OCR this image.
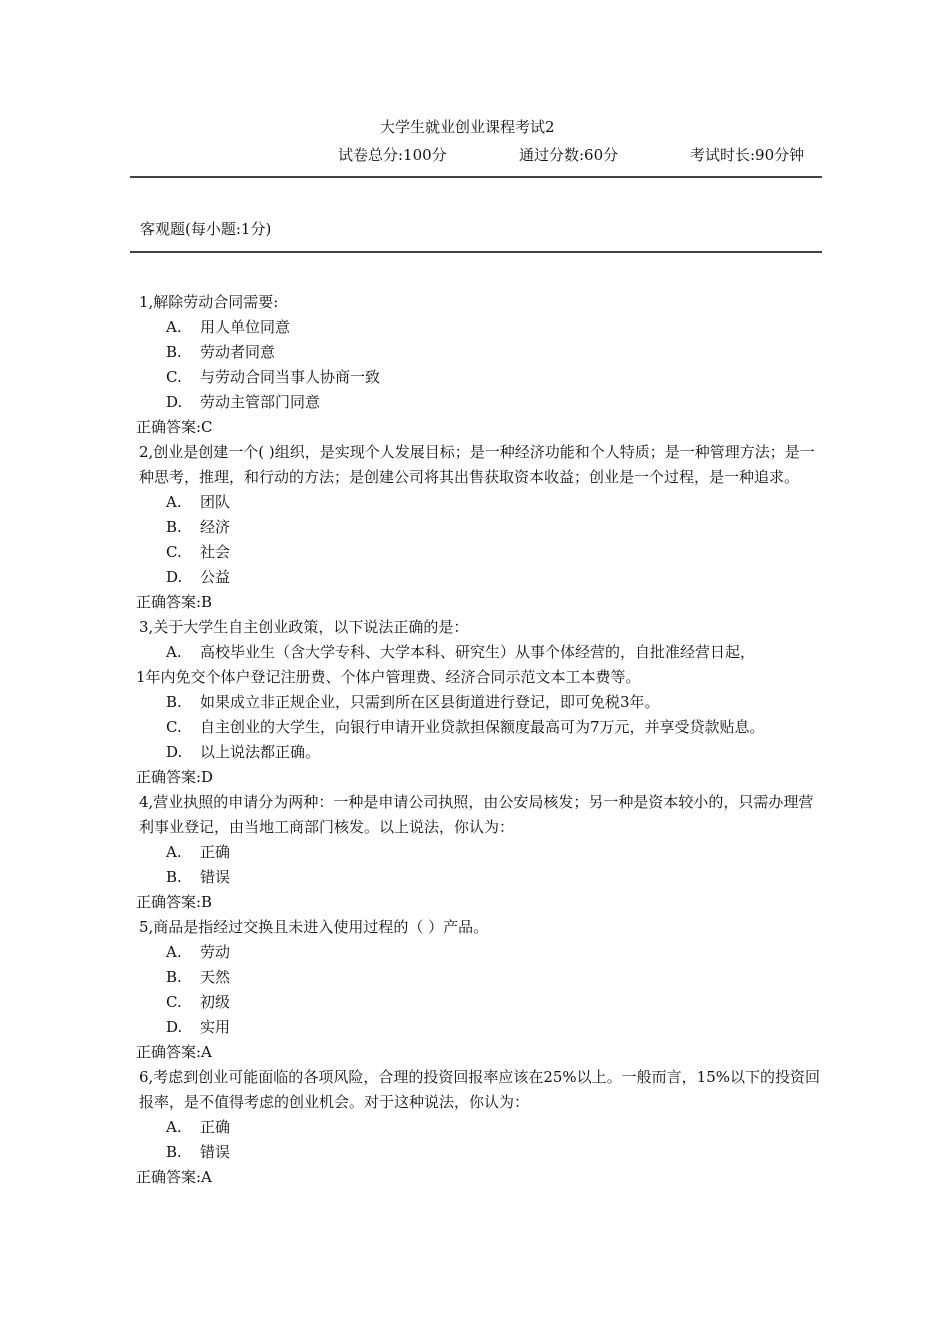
大学生就业创业课程考试2
试卷总分:100分	通过分数:60分	考试时长:90分钟
客观题(每小题:1分)
1,解除劳动合同需要:
A. 用人单位同意
B. 劳动者同意
C. 与劳动合同当事人协商一致
D. 劳动主管部门同意
正确答案:C
2,创业是创建一个( )组织，是实现个人发展目标；是一种经济功能和个人特质；是一种管理方法；是一种思考，推理，和行动的方法；是创建公司将其出售获取资本收益；创业是一个过程，是一种追求。
A. 团队
B. 经济
C. 社会
D. 公益
正确答案:B
3,关于大学生自主创业政策，以下说法正确的是：
A. 高校毕业生（含大学专科、大学本科、研究生）从事个体经营的，自批准经营日起，
1年内免交个体户登记注册费、个体户管理费、经济合同示范文本工本费等。
B. 如果成立非正规企业，只需到所在区县街道进行登记，即可免税3年。
C. 自主创业的大学生，向银行申请开业贷款担保额度最高可为7万元，并享受贷款贴息。
D. 以上说法都正确。
正确答案:D
4,营业执照的申请分为两种：一种是申请公司执照，由公安局核发；另一种是资本较小的，只需办理营利事业登记，由当地工商部门核发。以上说法，你认为：
A. 正确
B. 错误
正确答案:B
5,商品是指经过交换且未进入使用过程的（ ）产品。
A. 劳动
B. 天然
C. 初级
D. 实用
正确答案:A
6,考虑到创业可能面临的各项风险，合理的投资回报率应该在25%以上。一般而言，15%以下的投资回报率，是不值得考虑的创业机会。对于这种说法，你认为：
A. 正确
B. 错误
正确答案:A
